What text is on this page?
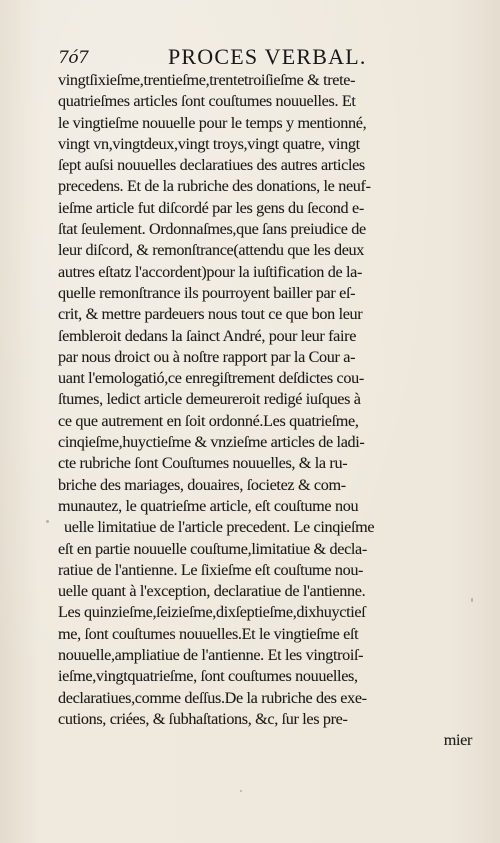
7ó7	PROCES VERBAL.
vingtſixieſme,trentieſme,trentetroiſieſme & trete-
quatrieſmes articles ſont couſtumes nouuelles. Et
le vingtieſme nouuelle pour le temps y mentionné,
vingt vn,vingtdeux,vingt troys,vingt quatre, vingt
ſept auſsi nouuelles declaratiues des autres articles
precedens. Et de la rubriche des donations, le neuf-
ieſme article fut diſcordé par les gens du ſecond e-
ſtat ſeulement. Ordonnaſmes,que ſans preiudice de
leur diſcord, & remonſtrance(attendu que les deux
autres eſtatz l'accordent)pour la iuſtification de la-
quelle remonſtrance ils pourroyent bailler par eſ-
crit, & mettre pardeuers nous tout ce que bon leur
ſembleroit dedans la ſainct André, pour leur faire
par nous droict ou à noſtre rapport par la Cour a-
uant l'emologatió,ce enregiſtrement deſdictes cou-
ſtumes, ledict article demeureroit redigé iuſques à
ce que autrement en ſoit ordonné.Les quatrieſme,
cinqieſme,huyctieſme & vnzieſme articles de ladi-
cte rubriche ſont Couſtumes nouuelles, & la ru-
briche des mariages, douaires, ſocietez & com-
munautez, le quatrieſme article, eſt couſtume nou
uelle limitatiue de l'article precedent. Le cinqieſme
eſt en partie nouuelle couſtume,limitatiue & decla-
ratiue de l'antienne. Le ſixieſme eſt couſtume nou-
uelle quant à l'exception, declaratiue de l'antienne.
Les quinzieſme,ſeizieſme,dixſeptieſme,dixhuyctieſ
me, ſont couſtumes nouuelles.Et le vingtieſme eſt
nouuelle,ampliatiue de l'antienne. Et les vingtroiſ-
ieſme,vingtquatrieſme, ſont couſtumes nouuelles,
declaratiues,comme deſſus.De la rubriche des exe-
cutions, criées, & ſubhaſtations, &c, ſur les pre-
mier
